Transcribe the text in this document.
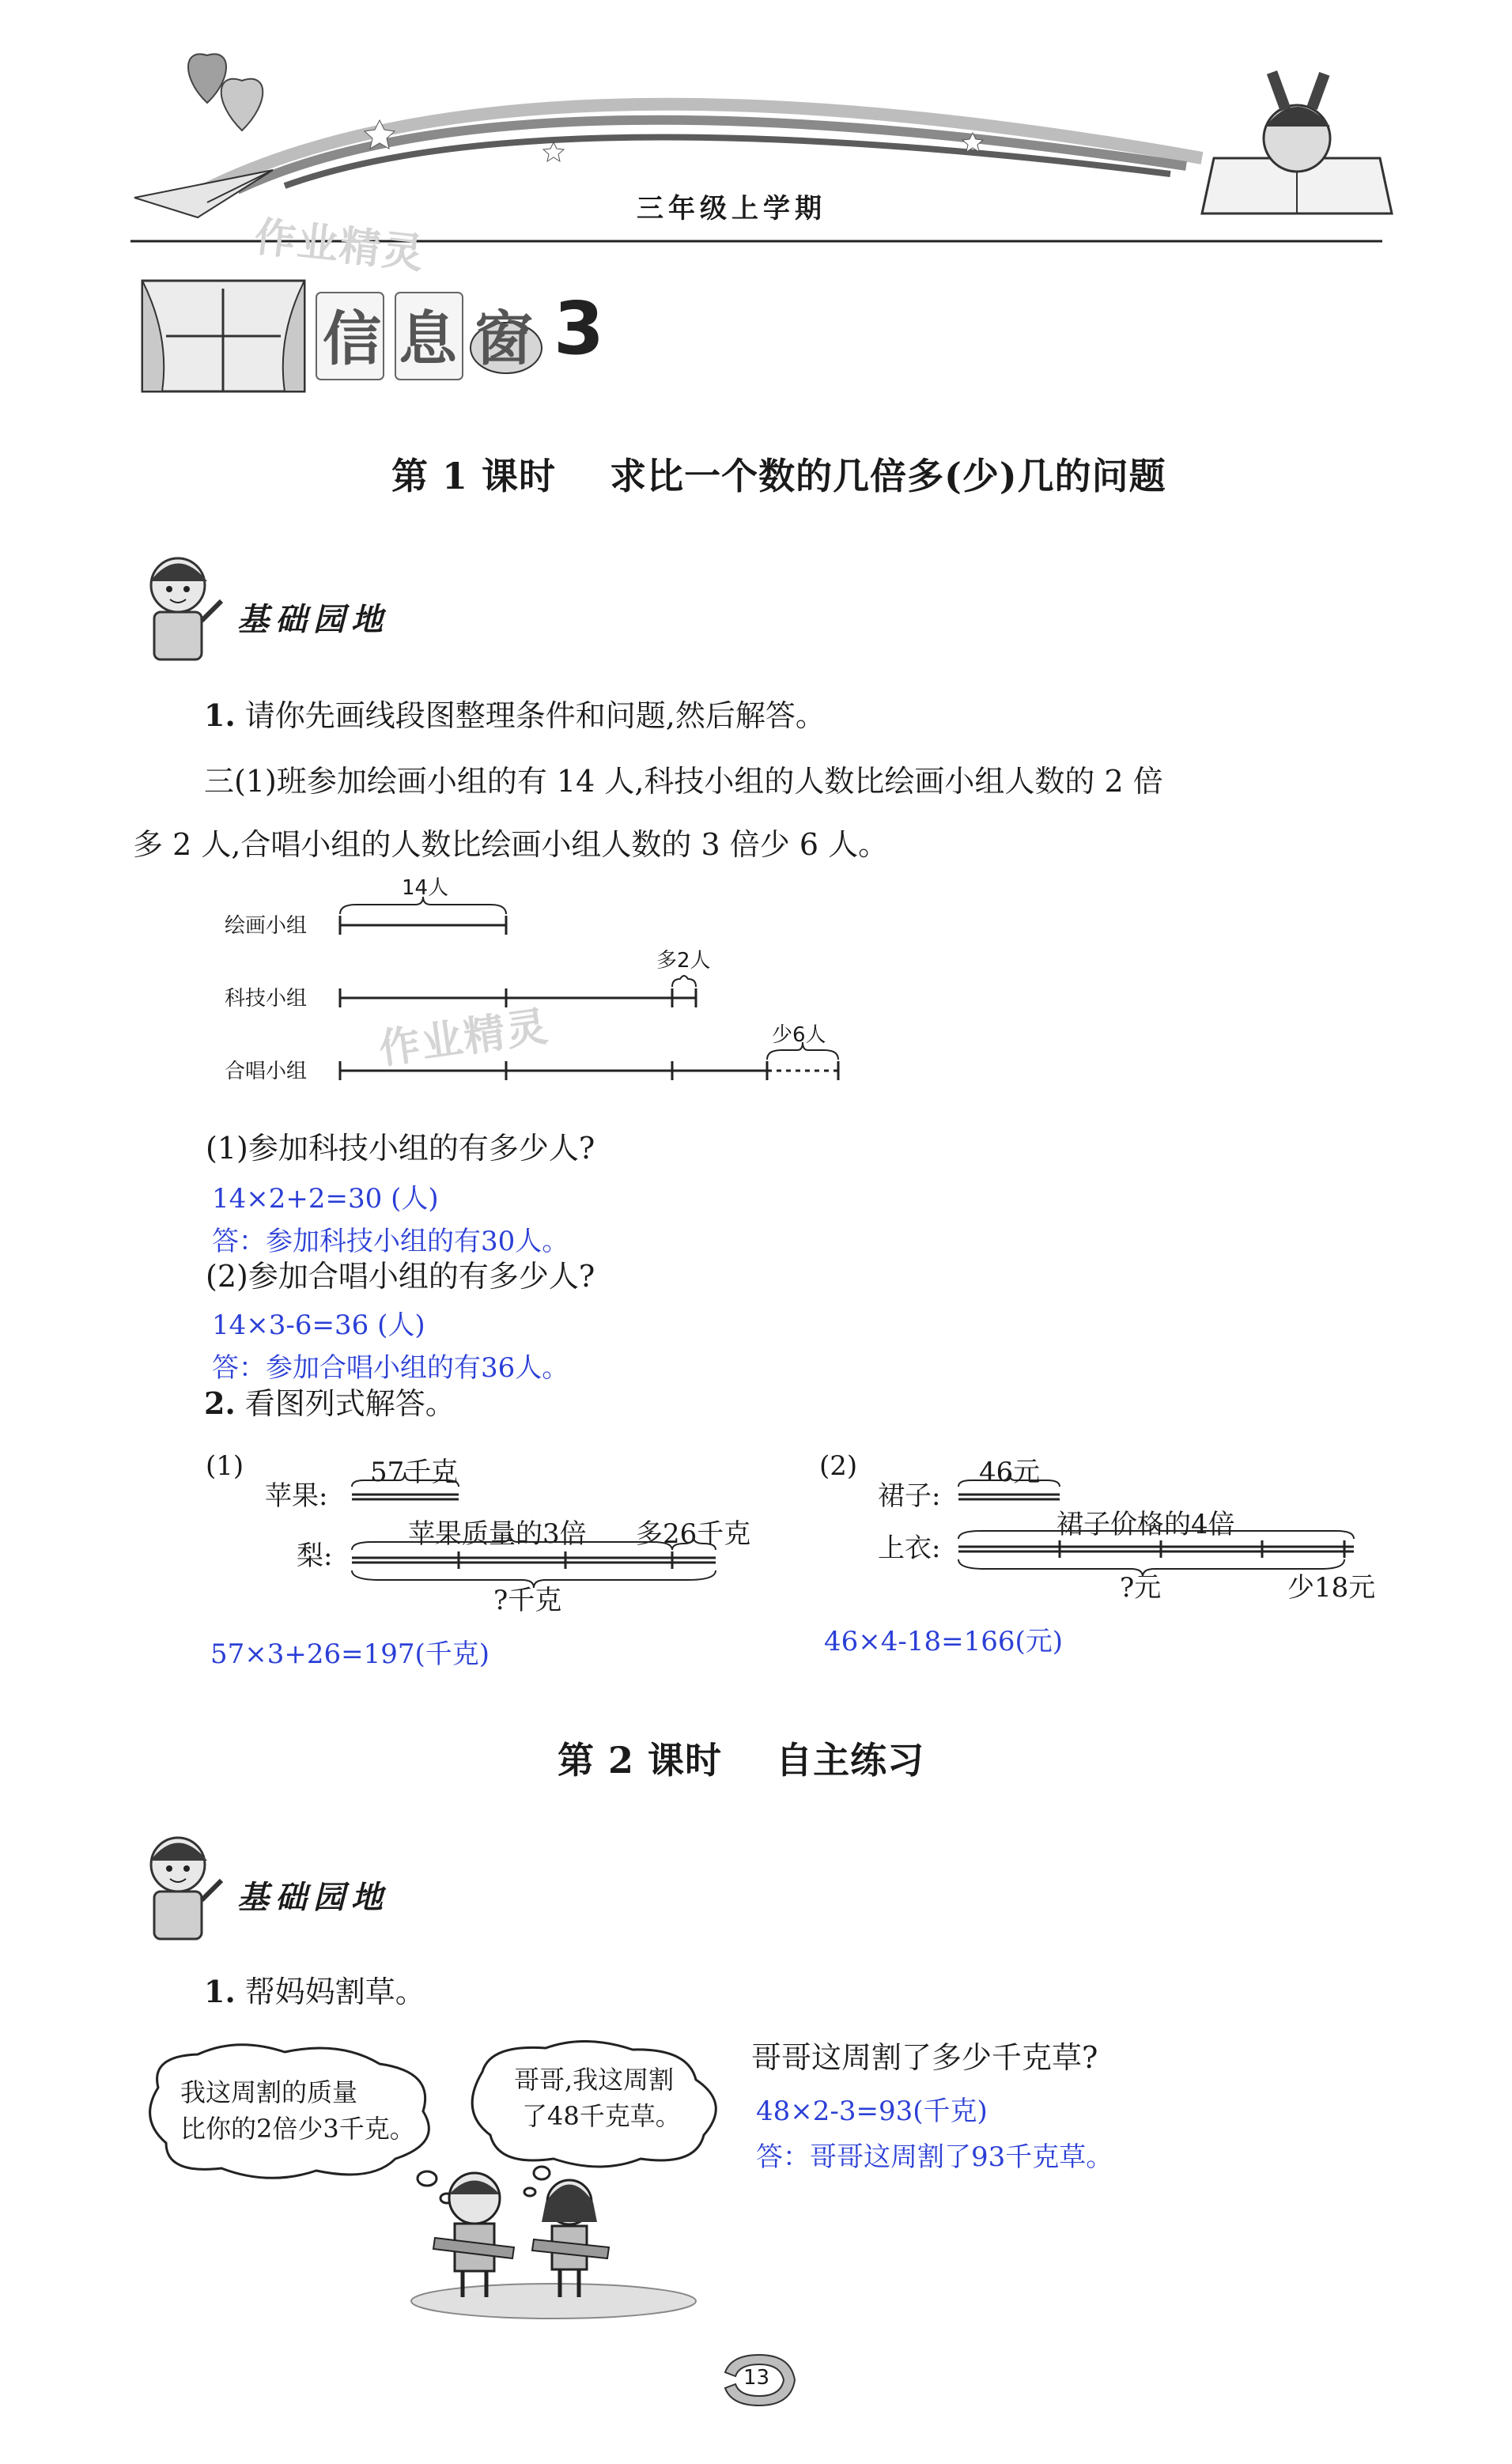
三年级上学期
作业精灵
信息窗 3
第 1 课时    求比一个数的几倍多(少)几的问题
基础园地
1. 请你先画线段图整理条件和问题,然后解答。
三(1)班参加绘画小组的有 14 人,科技小组的人数比绘画小组人数的 2 倍
多 2 人,合唱小组的人数比绘画小组人数的 3 倍少 6 人。
绘画小组
科技小组
合唱小组
14人
多2人
少6人
作业精灵
(1)参加科技小组的有多少人?
14×2+2=30 (人)
答：参加科技小组的有30人。
(2)参加合唱小组的有多少人?
14×3-6=36 (人)
答：参加合唱小组的有36人。
2. 看图列式解答。
(1)
苹果:
梨:
57千克
苹果质量的3倍 多26千克
?千克
57×3+26=197(千克)
(2)
裙子:
上衣:
46元
裙子价格的4倍
?元	少18元
46×4-18=166(元)
第 2 课时    自主练习
基础园地
1. 帮妈妈割草。
我这周割的质量
比你的2倍少3千克。
哥哥,我这周割
了48千克草。
哥哥这周割了多少千克草?
48×2-3=93(千克)
答：哥哥这周割了93千克草。
13
